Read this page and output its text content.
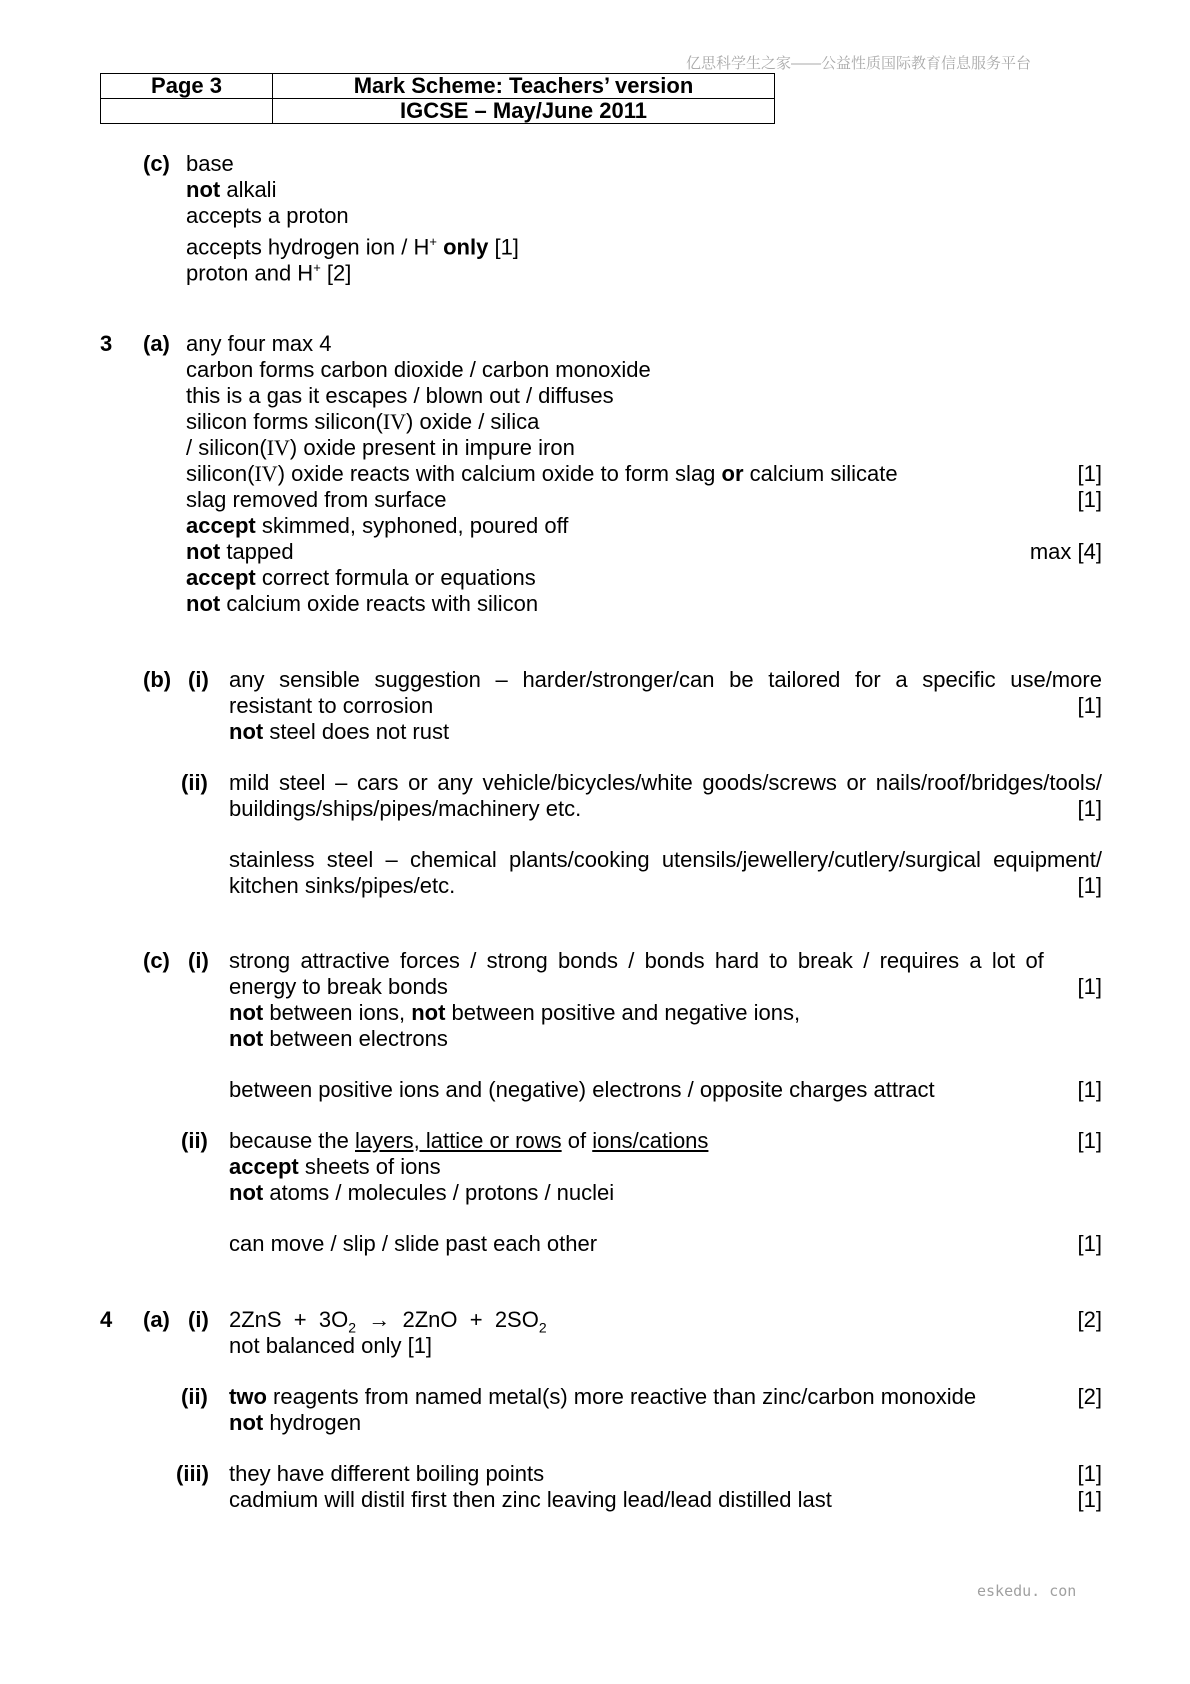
亿思科学生之家——公益性质国际教育信息服务平台
Page 3	Mark Scheme: Teachers’ version
	IGCSE – May/June 2011
(c) base
not alkali
accepts a proton
accepts hydrogen ion / H+ only [1]
proton and H+ [2]
3 (a) any four max 4
carbon forms carbon dioxide / carbon monoxide
this is a gas it escapes / blown out / diffuses
silicon forms silicon(IV) oxide / silica
/ silicon(IV) oxide present in impure iron
silicon(IV) oxide reacts with calcium oxide to form slag or calcium silicate	[1]
slag removed from surface	[1]
accept skimmed, syphoned, poured off
not tapped	max [4]
accept correct formula or equations
not calcium oxide reacts with silicon
(b) (i) any sensible suggestion – harder/stronger/can be tailored for a specific use/more
resistant to corrosion	[1]
not steel does not rust
(ii) mild steel – cars or any vehicle/bicycles/white goods/screws or nails/roof/bridges/tools/
buildings/ships/pipes/machinery etc.	[1]
stainless steel – chemical plants/cooking utensils/jewellery/cutlery/surgical equipment/
kitchen sinks/pipes/etc.	[1]
(c) (i) strong attractive forces / strong bonds / bonds hard to break / requires a lot of
energy to break bonds	[1]
not between ions, not between positive and negative ions,
not between electrons
between positive ions and (negative) electrons / opposite charges attract	[1]
(ii) because the layers, lattice or rows of ions/cations	[1]
accept sheets of ions
not atoms / molecules / protons / nuclei
can move / slip / slide past each other	[1]
4 (a) (i) $2ZnS + 3O_2 \to 2ZnO + 2SO_2$	[2]
not balanced only [1]
(ii) two reagents from named metal(s) more reactive than zinc/carbon monoxide	[2]
not hydrogen
(iii) they have different boiling points	[1]
cadmium will distil first then zinc leaving lead/lead distilled last	[1]
eskedu. con
